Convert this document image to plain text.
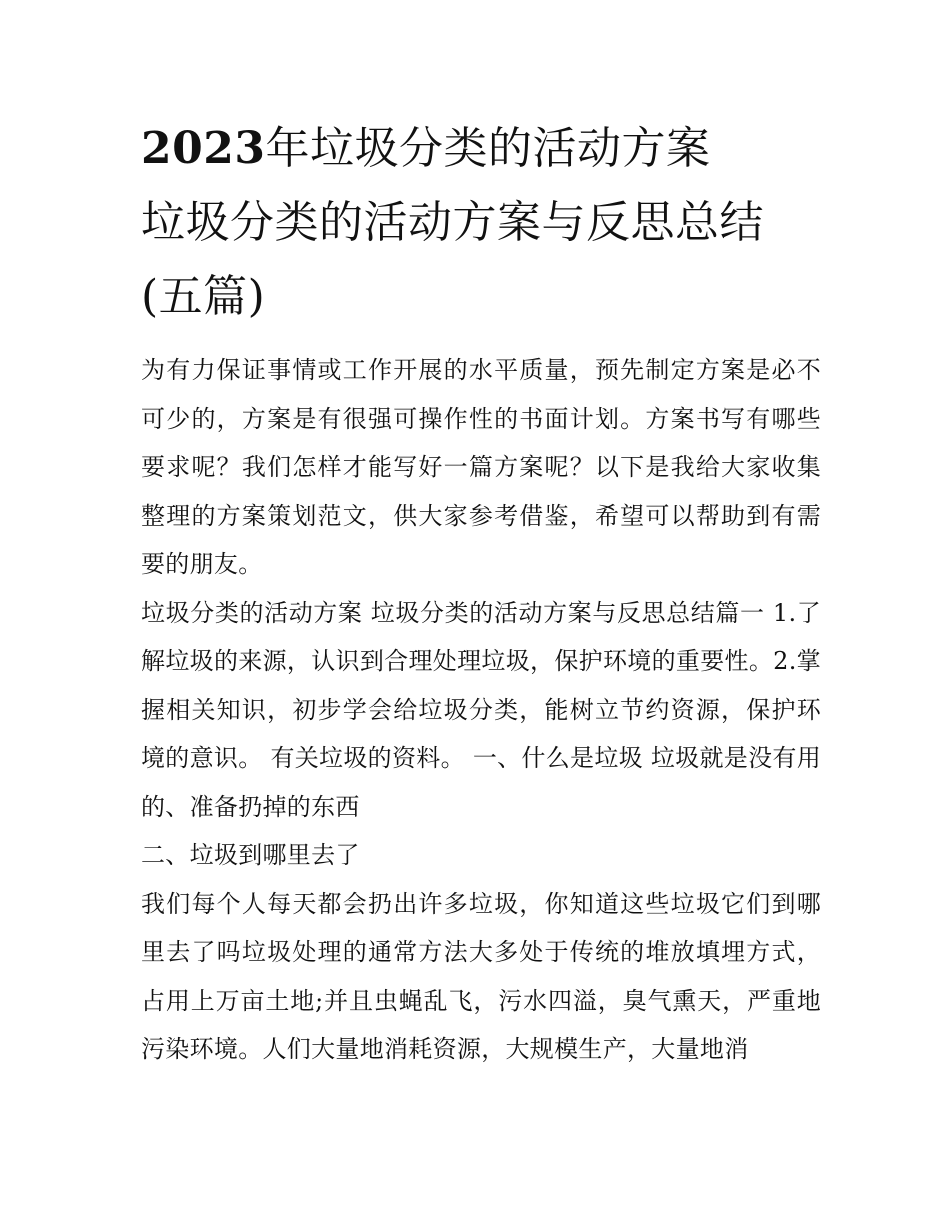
2023年垃圾分类的活动方案
垃圾分类的活动方案与反思总结(五篇)

为有力保证事情或工作开展的水平质量，预先制定方案是必不可少的，方案是有很强可操作性的书面计划。方案书写有哪些要求呢？我们怎样才能写好一篇方案呢？以下是我给大家收集整理的方案策划范文，供大家参考借鉴，希望可以帮助到有需要的朋友。

垃圾分类的活动方案 垃圾分类的活动方案与反思总结篇一 1.了解垃圾的来源，认识到合理处理垃圾，保护环境的重要性。2.掌握相关知识，初步学会给垃圾分类，能树立节约资源，保护环境的意识。 有关垃圾的资料。 一、什么是垃圾 垃圾就是没有用的、准备扔掉的东西

二、垃圾到哪里去了

我们每个人每天都会扔出许多垃圾，你知道这些垃圾它们到哪里去了吗垃圾处理的通常方法大多处于传统的堆放填埋方式，占用上万亩土地;并且虫蝇乱飞，污水四溢，臭气熏天，严重地污染环境。人们大量地消耗资源，大规模生产，大量地消
